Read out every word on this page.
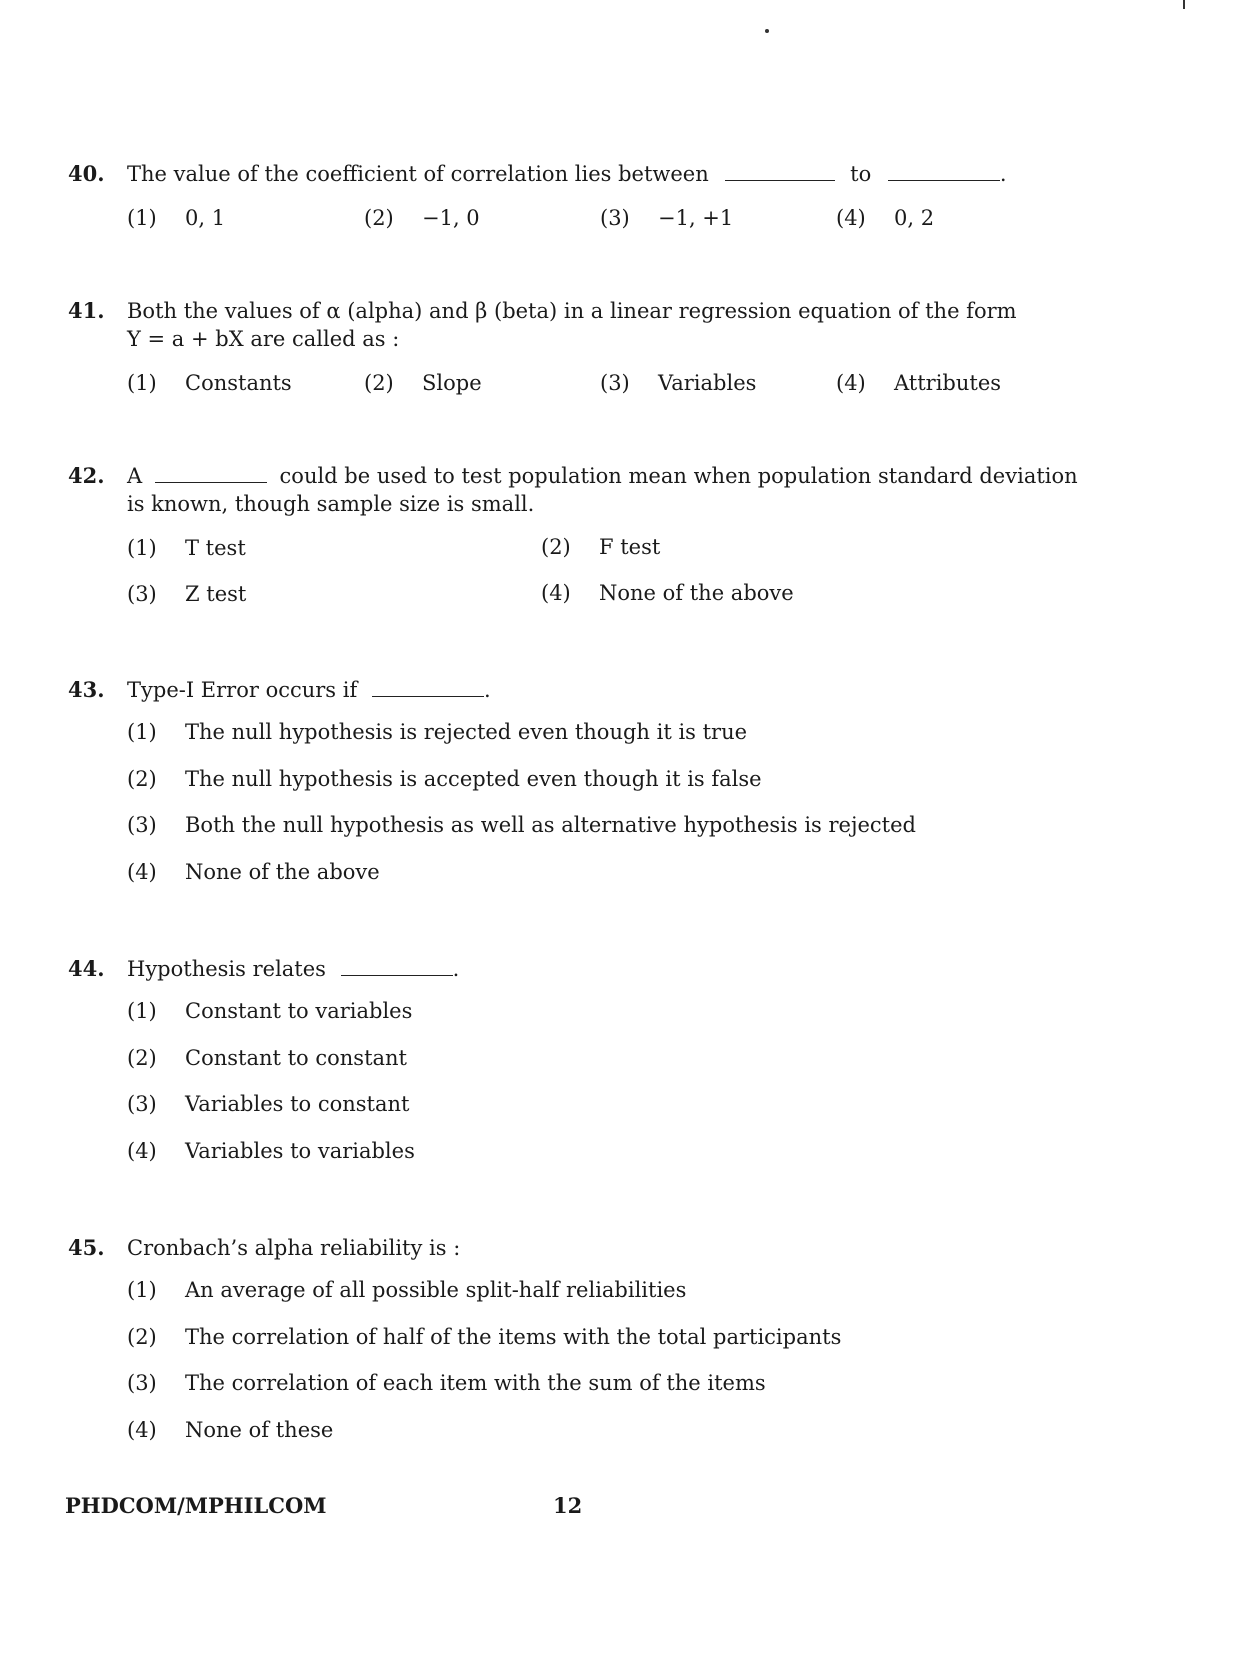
40. The value of the coefficient of correlation lies between	to	.
(1) 0, 1	(2) −1, 0	(3) −1, +1	(4) 0, 2
41. Both the values of α (alpha) and β (beta) in a linear regression equation of the form
Y = a + bX are called as :
(1) Constants	(2) Slope	(3) Variables	(4) Attributes
42. A	could be used to test population mean when population standard deviation
is known, though sample size is small.
(1) T test	(2) F test
(3) Z test	(4) None of the above
43. Type-I Error occurs if	.
(1) The null hypothesis is rejected even though it is true
(2) The null hypothesis is accepted even though it is false
(3) Both the null hypothesis as well as alternative hypothesis is rejected
(4) None of the above
44. Hypothesis relates	.
(1) Constant to variables
(2) Constant to constant
(3) Variables to constant
(4) Variables to variables
45. Cronbach’s alpha reliability is :
(1) An average of all possible split-half reliabilities
(2) The correlation of half of the items with the total participants
(3) The correlation of each item with the sum of the items
(4) None of these
PHDCOM/MPHILCOM	12
